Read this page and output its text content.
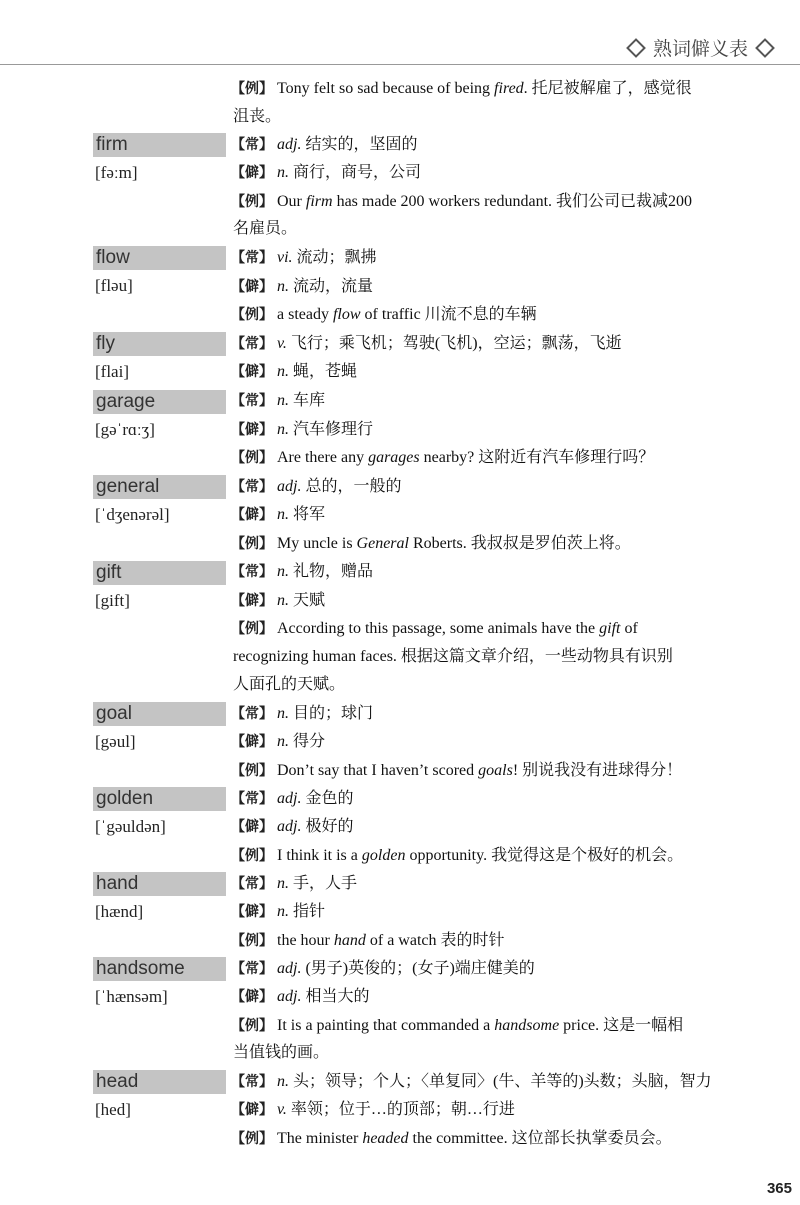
熟词僻义表
【 例 】 Tony felt so sad because of being fired. 托尼被解雇了，感觉很
沮丧。
firm
[fəːm]
【 常 】 adj. 结实的，坚固的
【 僻 】 n. 商行，商号，公司
【 例 】 Our firm has made 200 workers redundant. 我们公司已裁减200
名雇员。
flow
[fləu]
【 常 】 vi. 流动；飘拂
【 僻 】 n. 流动，流量
【 例 】 a steady flow of traffic 川流不息的车辆
fly
[flai]
【 常 】 v. 飞行；乘飞机；驾驶(飞机)，空运；飘荡，飞逝
【 僻 】 n. 蝇，苍蝇
garage
[gəˈrɑːʒ]
【 常 】 n. 车库
【 僻 】 n. 汽车修理行
【 例 】 Are there any garages nearby? 这附近有汽车修理行吗？
general
[ˈdʒenərəl]
【 常 】 adj. 总的，一般的
【 僻 】 n. 将军
【 例 】 My uncle is General Roberts. 我叔叔是罗伯茨上将。
gift
[gift]
【 常 】 n. 礼物，赠品
【 僻 】 n. 天赋
【 例 】 According to this passage, some animals have the gift of
recognizing human faces. 根据这篇文章介绍，一些动物具有识别
人面孔的天赋。
goal
[gəul]
【 常 】 n. 目的；球门
【 僻 】 n. 得分
【 例 】 Don’t say that I haven’t scored goals! 别说我没有进球得分！
golden
[ˈgəuldən]
【 常 】 adj. 金色的
【 僻 】 adj. 极好的
【 例 】 I think it is a golden opportunity. 我觉得这是个极好的机会。
hand
[hænd]
【 常 】 n. 手，人手
【 僻 】 n. 指针
【 例 】 the hour hand of a watch 表的时针
handsome
[ˈhænsəm]
【 常 】 adj. (男子)英俊的；(女子)端庄健美的
【 僻 】 adj. 相当大的
【 例 】 It is a painting that commanded a handsome price. 这是一幅相
当值钱的画。
head
[hed]
【 常 】 n. 头；领导；个人；〈单复同〉(牛、羊等的)头数；头脑，智力
【 僻 】 v. 率领；位于…的顶部；朝…行进
【 例 】 The minister headed the committee. 这位部长执掌委员会。
365
